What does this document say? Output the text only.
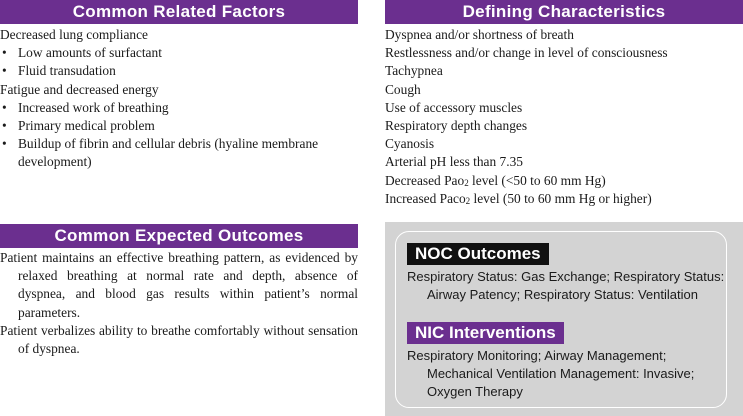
Common Related Factors
Decreased lung compliance
• Low amounts of surfactant
• Fluid transudation
Fatigue and decreased energy
• Increased work of breathing
• Primary medical problem
• Buildup of fibrin and cellular debris (hyaline membrane development)
Defining Characteristics
Dyspnea and/or shortness of breath
Restlessness and/or change in level of consciousness
Tachypnea
Cough
Use of accessory muscles
Respiratory depth changes
Cyanosis
Arterial pH less than 7.35
Decreased Pao$_2$ level (<50 to 60 mm Hg)
Increased Paco$_2$ level (50 to 60 mm Hg or higher)
Common Expected Outcomes
Patient maintains an effective breathing pattern, as evidenced by relaxed breathing at normal rate and depth, absence of dyspnea, and blood gas results within patient’s normal parameters.
Patient verbalizes ability to breathe comfortably without sensation of dyspnea.
NOC Outcomes
Respiratory Status: Gas Exchange; Respiratory Status: Airway Patency; Respiratory Status: Ventilation
NIC Interventions
Respiratory Monitoring; Airway Management; Mechanical Ventilation Management: Invasive; Oxygen Therapy
